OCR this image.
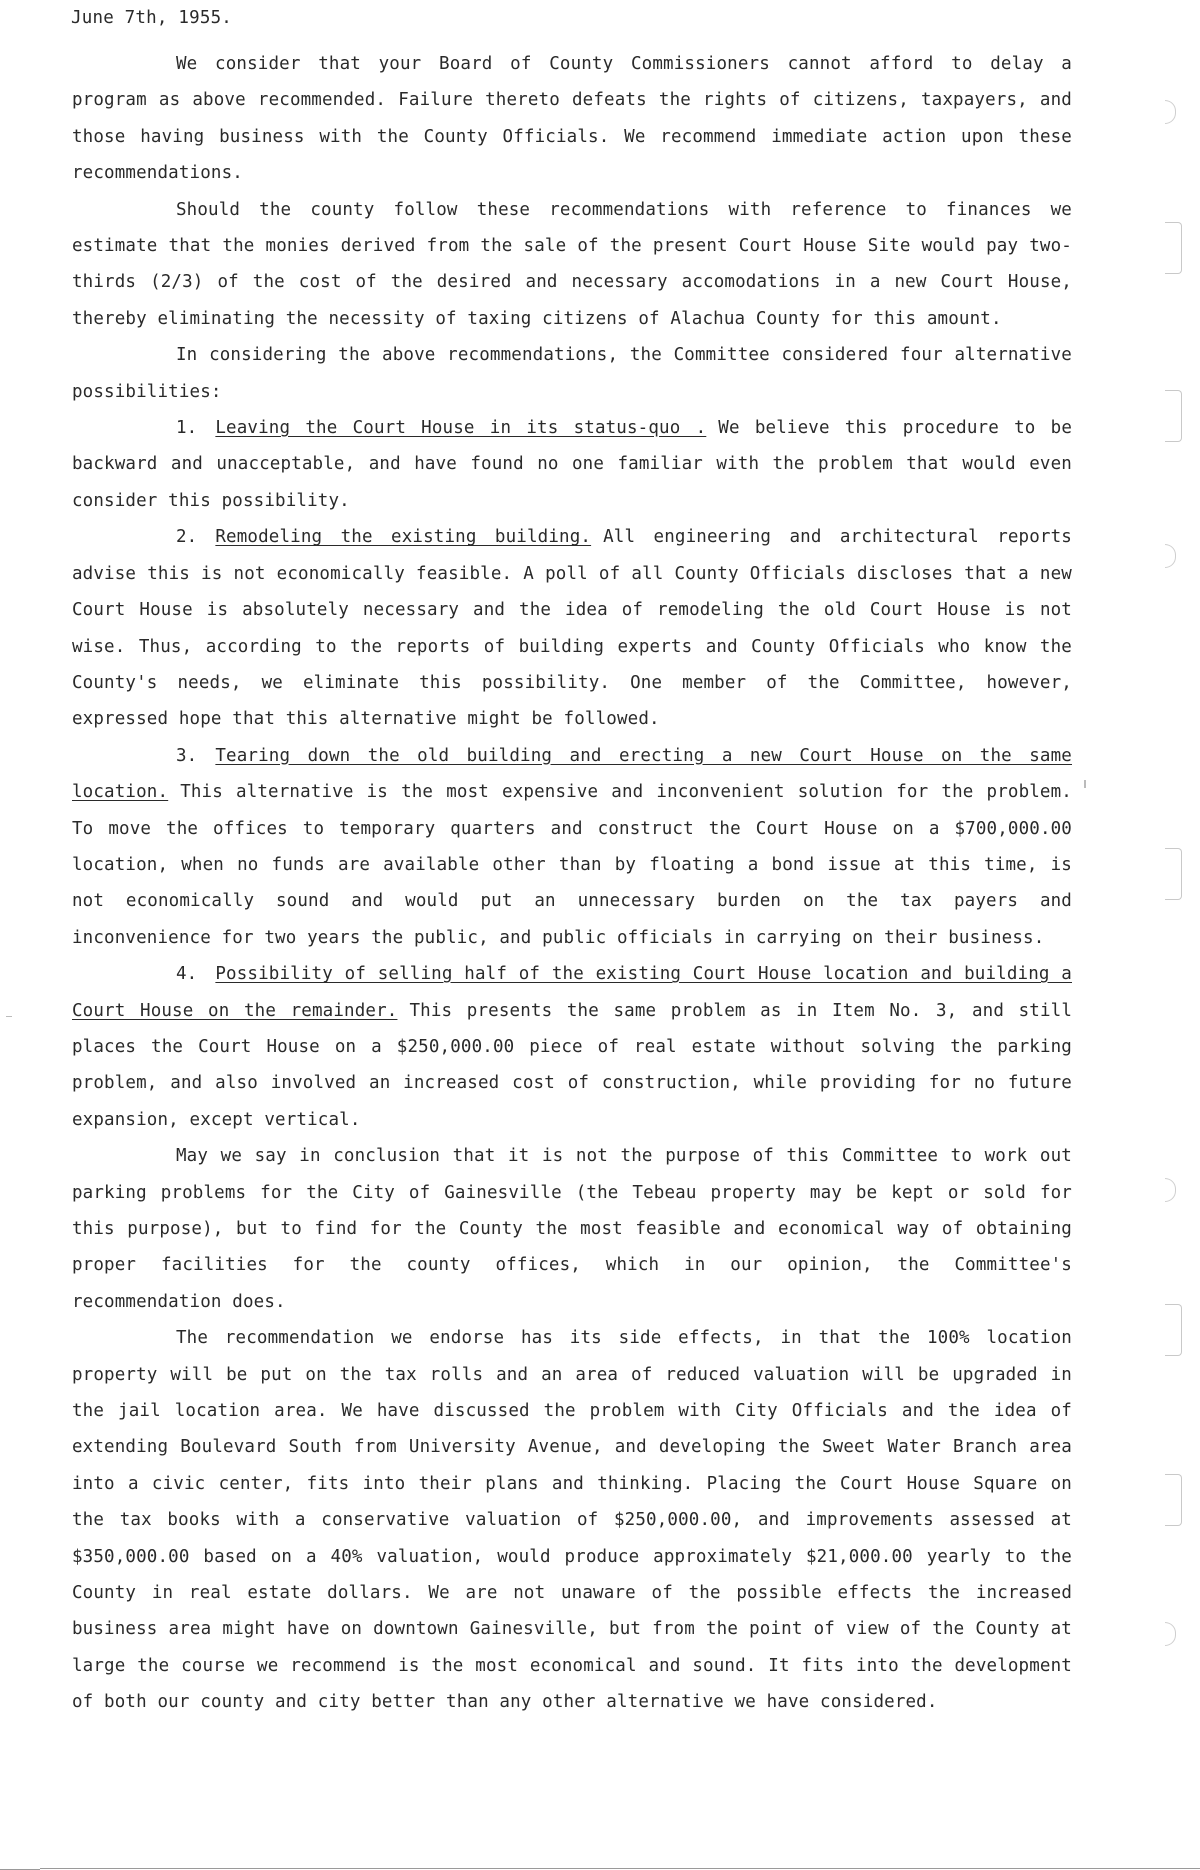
June 7th, 1955.

We consider that your Board of County Commissioners cannot afford to delay a program as above recommended. Failure thereto defeats the rights of citizens, taxpayers, and those having business with the County Officials. We recommend immediate action upon these recommendations.

Should the county follow these recommendations with reference to finances we estimate that the monies derived from the sale of the present Court House Site would pay two-thirds (2/3) of the cost of the desired and necessary accomodations in a new Court House, thereby eliminating the necessity of taxing citizens of Alachua County for this amount.

In considering the above recommendations, the Committee considered four alternative possibilities:

1. Leaving the Court House in its status-quo . We believe this procedure to be backward and unacceptable, and have found no one familiar with the problem that would even consider this possibility.

2. Remodeling the existing building. All engineering and architectural reports advise this is not economically feasible. A poll of all County Officials discloses that a new Court House is absolutely necessary and the idea of remodeling the old Court House is not wise. Thus, according to the reports of building experts and County Officials who know the County's needs, we eliminate this possibility. One member of the Committee, however, expressed hope that this alternative might be followed.

3. Tearing down the old building and erecting a new Court House on the same location. This alternative is the most expensive and inconvenient solution for the problem. To move the offices to temporary quarters and construct the Court House on a $700,000.00 location, when no funds are available other than by floating a bond issue at this time, is not economically sound and would put an unnecessary burden on the tax payers and inconvenience for two years the public, and public officials in carrying on their business.

4. Possibility of selling half of the existing Court House location and building a Court House on the remainder. This presents the same problem as in Item No. 3, and still places the Court House on a $250,000.00 piece of real estate without solving the parking problem, and also involved an increased cost of construction, while providing for no future expansion, except vertical.

May we say in conclusion that it is not the purpose of this Committee to work out parking problems for the City of Gainesville (the Tebeau property may be kept or sold for this purpose), but to find for the County the most feasible and economical way of obtaining proper facilities for the county offices, which in our opinion, the Committee's recommendation does.

The recommendation we endorse has its side effects, in that the 100% location property will be put on the tax rolls and an area of reduced valuation will be upgraded in the jail location area. We have discussed the problem with City Officials and the idea of extending Boulevard South from University Avenue, and developing the Sweet Water Branch area into a civic center, fits into their plans and thinking. Placing the Court House Square on the tax books with a conservative valuation of $250,000.00, and improvements assessed at $350,000.00 based on a 40% valuation, would produce approximately $21,000.00 yearly to the County in real estate dollars. We are not unaware of the possible effects the increased business area might have on downtown Gainesville, but from the point of view of the County at large the course we recommend is the most economical and sound. It fits into the development of both our county and city better than any other alternative we have considered.
